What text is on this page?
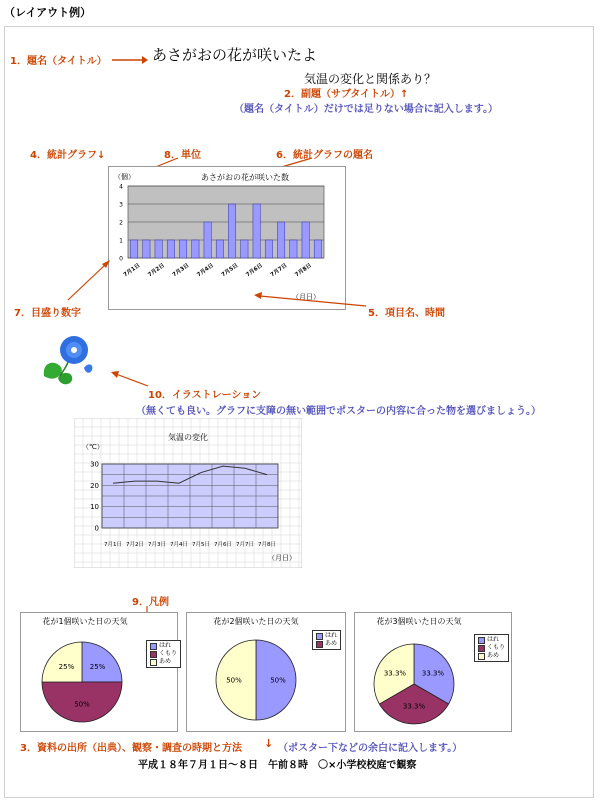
（レイアウト例）
1．題名（タイトル）	あさがおの花が咲いたよ
気温の変化と関係あり？
2．副題（サブタイトル）↑
（題名（タイトル）だけでは足りない場合に記入します。）
4．統計グラフ↓	8．単位	6．統計グラフの題名
あさがおの花が咲いた数
（個）
（月日）
0
1
2
3
4
7月1日 7月2日 7月3日 7月4日 7月5日 7月6日 7月7日 7月8日
7．目盛り数字	5．項目名、時間
10．イラストレーション
（無くても良い。グラフに支障の無い範囲でポスターの内容に合った物を選びましょう。）
気温の変化
（℃）
（月日）
0
10
20
30
7月1日 7月2日 7月3日 7月4日 7月5日 7月6日 7月7日 7月8日
9．凡例
花が1個咲いた日の天気	花が2個咲いた日の天気	花が3個咲いた日の天気
25%
50%
25%
50%
50%
33.3%
33.3%
33.3%
はれ
くもり
あめ
はれ
あめ
はれ
くもり
あめ
3．資料の出所（出典）、観察・調査の時期と方法 ↓ （ポスター下などの余白に記入します。）
平成１８年７月１日～８日　午前８時　〇×小学校校庭で観察
